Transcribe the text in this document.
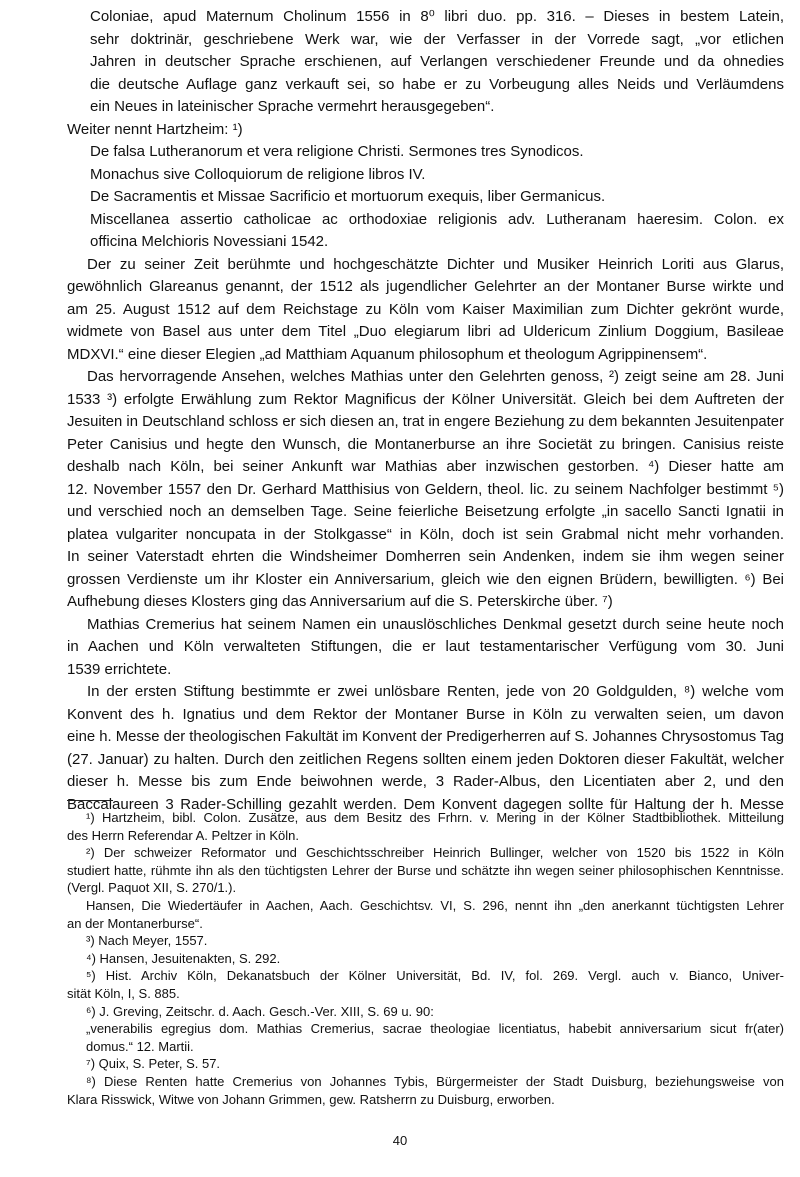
Coloniae, apud Maternum Cholinum 1556 in 8⁰ libri duo. pp. 316. – Dieses in bestem Latein,
sehr doktrinär, geschriebene Werk war, wie der Verfasser in der Vorrede sagt, „vor etlichen
Jahren in deutscher Sprache erschienen, auf Verlangen verschiedener Freunde und da ohnedies
die deutsche Auflage ganz verkauft sei, so habe er zu Vorbeugung alles Neids und Verläumdens
ein Neues in lateinischer Sprache vermehrt herausgegeben“.
Weiter nennt Hartzheim: ¹)
De falsa Lutheranorum et vera religione Christi. Sermones tres Synodicos.
Monachus sive Colloquiorum de religione libros IV.
De Sacramentis et Missae Sacrificio et mortuorum exequis, liber Germanicus.
Miscellanea assertio catholicae ac orthodoxiae religionis adv. Lutheranam haeresim. Colon. ex
officina Melchioris Novessiani 1542.
Der zu seiner Zeit berühmte und hochgeschätzte Dichter und Musiker Heinrich Loriti aus Glarus,
gewöhnlich Glareanus genannt, der 1512 als jugendlicher Gelehrter an der Montaner Burse wirkte und
am 25. August 1512 auf dem Reichstage zu Köln vom Kaiser Maximilian zum Dichter gekrönt wurde,
widmete von Basel aus unter dem Titel „Duo elegiarum libri ad Uldericum Zinlium Doggium, Basileae
MDXVI.“ eine dieser Elegien „ad Matthiam Aquanum philosophum et theologum Agrippinensem“.
Das hervorragende Ansehen, welches Mathias unter den Gelehrten genoss, ²) zeigt seine am 28. Juni
1533 ³) erfolgte Erwählung zum Rektor Magnificus der Kölner Universität. Gleich bei dem Auftreten der
Jesuiten in Deutschland schloss er sich diesen an, trat in engere Beziehung zu dem bekannten Jesuitenpater
Peter Canisius und hegte den Wunsch, die Montanerburse an ihre Societät zu bringen. Canisius reiste
deshalb nach Köln, bei seiner Ankunft war Mathias aber inzwischen gestorben. ⁴) Dieser hatte am
12. November 1557 den Dr. Gerhard Matthisius von Geldern, theol. lic. zu seinem Nachfolger bestimmt ⁵)
und verschied noch an demselben Tage. Seine feierliche Beisetzung erfolgte „in sacello Sancti Ignatii in
platea vulgariter noncupata in der Stolkgasse“ in Köln, doch ist sein Grabmal nicht mehr vorhanden.
In seiner Vaterstadt ehrten die Windsheimer Domherren sein Andenken, indem sie ihm wegen seiner
grossen Verdienste um ihr Kloster ein Anniversarium, gleich wie den eignen Brüdern, bewilligten. ⁶) Bei
Aufhebung dieses Klosters ging das Anniversarium auf die S. Peterskirche über. ⁷)
Mathias Cremerius hat seinem Namen ein unauslöschliches Denkmal gesetzt durch seine heute noch
in Aachen und Köln verwalteten Stiftungen, die er laut testamentarischer Verfügung vom 30. Juni
1539 errichtete.
In der ersten Stiftung bestimmte er zwei unlösbare Renten, jede von 20 Goldgulden, ⁸) welche vom
Konvent des h. Ignatius und dem Rektor der Montaner Burse in Köln zu verwalten seien, um davon
eine h. Messe der theologischen Fakultät im Konvent der Predigerherren auf S. Johannes Chrysostomus Tag
(27. Januar) zu halten. Durch den zeitlichen Regens sollten einem jeden Doktoren dieser Fakultät, welcher
dieser h. Messe bis zum Ende beiwohnen werde, 3 Rader-Albus, den Licentiaten aber 2, und den
Baccalaureen 3 Rader-Schilling gezahlt werden. Dem Konvent dagegen sollte für Haltung der h. Messe
¹) Hartzheim, bibl. Colon. Zusätze, aus dem Besitz des Frhrn. v. Mering in der Kölner Stadtbibliothek. Mitteilung
des Herrn Referendar A. Peltzer in Köln.
²) Der schweizer Reformator und Geschichtsschreiber Heinrich Bullinger, welcher von 1520 bis 1522 in Köln
studiert hatte, rühmte ihn als den tüchtigsten Lehrer der Burse und schätzte ihn wegen seiner philosophischen Kenntnisse.
(Vergl. Paquot XII, S. 270/1.).
Hansen, Die Wiedertäufer in Aachen, Aach. Geschichtsv. VI, S. 296, nennt ihn „den anerkannt tüchtigsten Lehrer
an der Montanerburse“.
³) Nach Meyer, 1557.
⁴) Hansen, Jesuitenakten, S. 292.
⁵) Hist. Archiv Köln, Dekanatsbuch der Kölner Universität, Bd. IV, fol. 269. Vergl. auch v. Bianco, Univer-
sität Köln, I, S. 885.
⁶) J. Greving, Zeitschr. d. Aach. Gesch.-Ver. XIII, S. 69 u. 90:
„venerabilis egregius dom. Mathias Cremerius, sacrae theologiae licentiatus, habebit anniversarium sicut fr(ater)
domus.“ 12. Martii.
⁷) Quix, S. Peter, S. 57.
⁸) Diese Renten hatte Cremerius von Johannes Tybis, Bürgermeister der Stadt Duisburg, beziehungsweise von
Klara Risswick, Witwe von Johann Grimmen, gew. Ratsherrn zu Duisburg, erworben.
40
